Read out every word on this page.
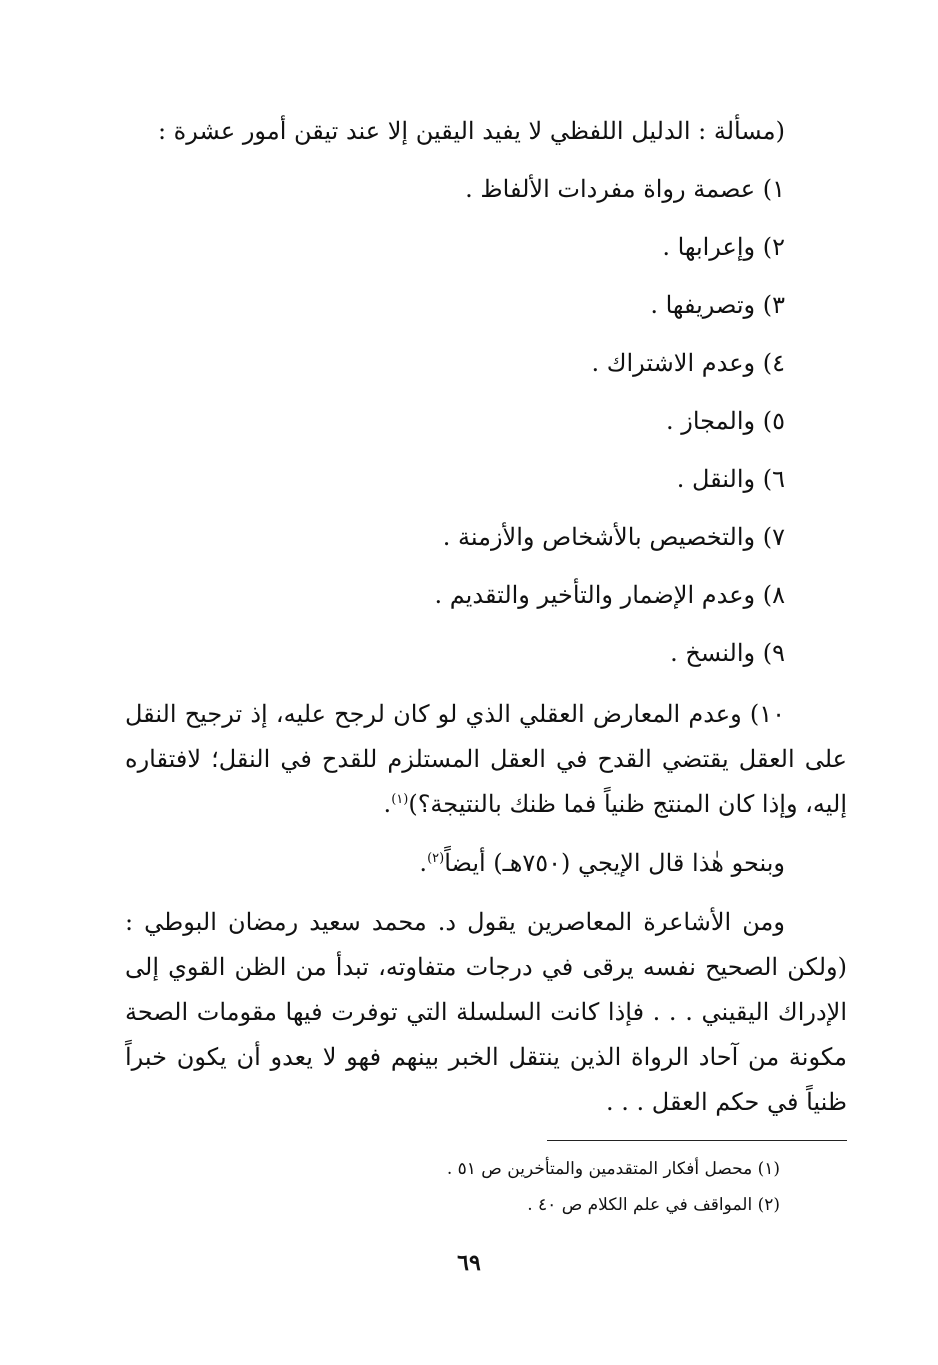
(مسألة : الدليل اللفظي لا يفيد اليقين إلا عند تيقن أمور عشرة :

١) عصمة رواة مفردات الألفاظ .

٢) وإعرابها .

٣) وتصريفها .

٤) وعدم الاشتراك .

٥) والمجاز .

٦) والنقل .

٧) والتخصيص بالأشخاص والأزمنة .

٨) وعدم الإضمار والتأخير والتقديم .

٩) والنسخ .

١٠) وعدم المعارض العقلي الذي لو كان لرجح عليه، إذ ترجيح النقل على العقل يقتضي القدح في العقل المستلزم للقدح في النقل؛ لافتقاره إليه، وإذا كان المنتج ظنياً فما ظنك بالنتيجة؟)$^{(١)}$.

وبنحو هٰذا قال الإيجي (٧٥٠هـ) أيضاً$^{(٢)}$.

ومن الأشاعرة المعاصرين يقول د. محمد سعيد رمضان البوطي : (ولكن الصحيح نفسه يرقى في درجات متفاوته، تبدأ من الظن القوي إلى الإدراك اليقيني . . . فإذا كانت السلسلة التي توفرت فيها مقومات الصحة مكونة من آحاد الرواة الذين ينتقل الخبر بينهم فهو لا يعدو أن يكون خبراً ظنياً في حكم العقل . . .

(١) محصل أفكار المتقدمين والمتأخرين ص ٥١ .

(٢) المواقف في علم الكلام ص ٤٠ .

٦٩
